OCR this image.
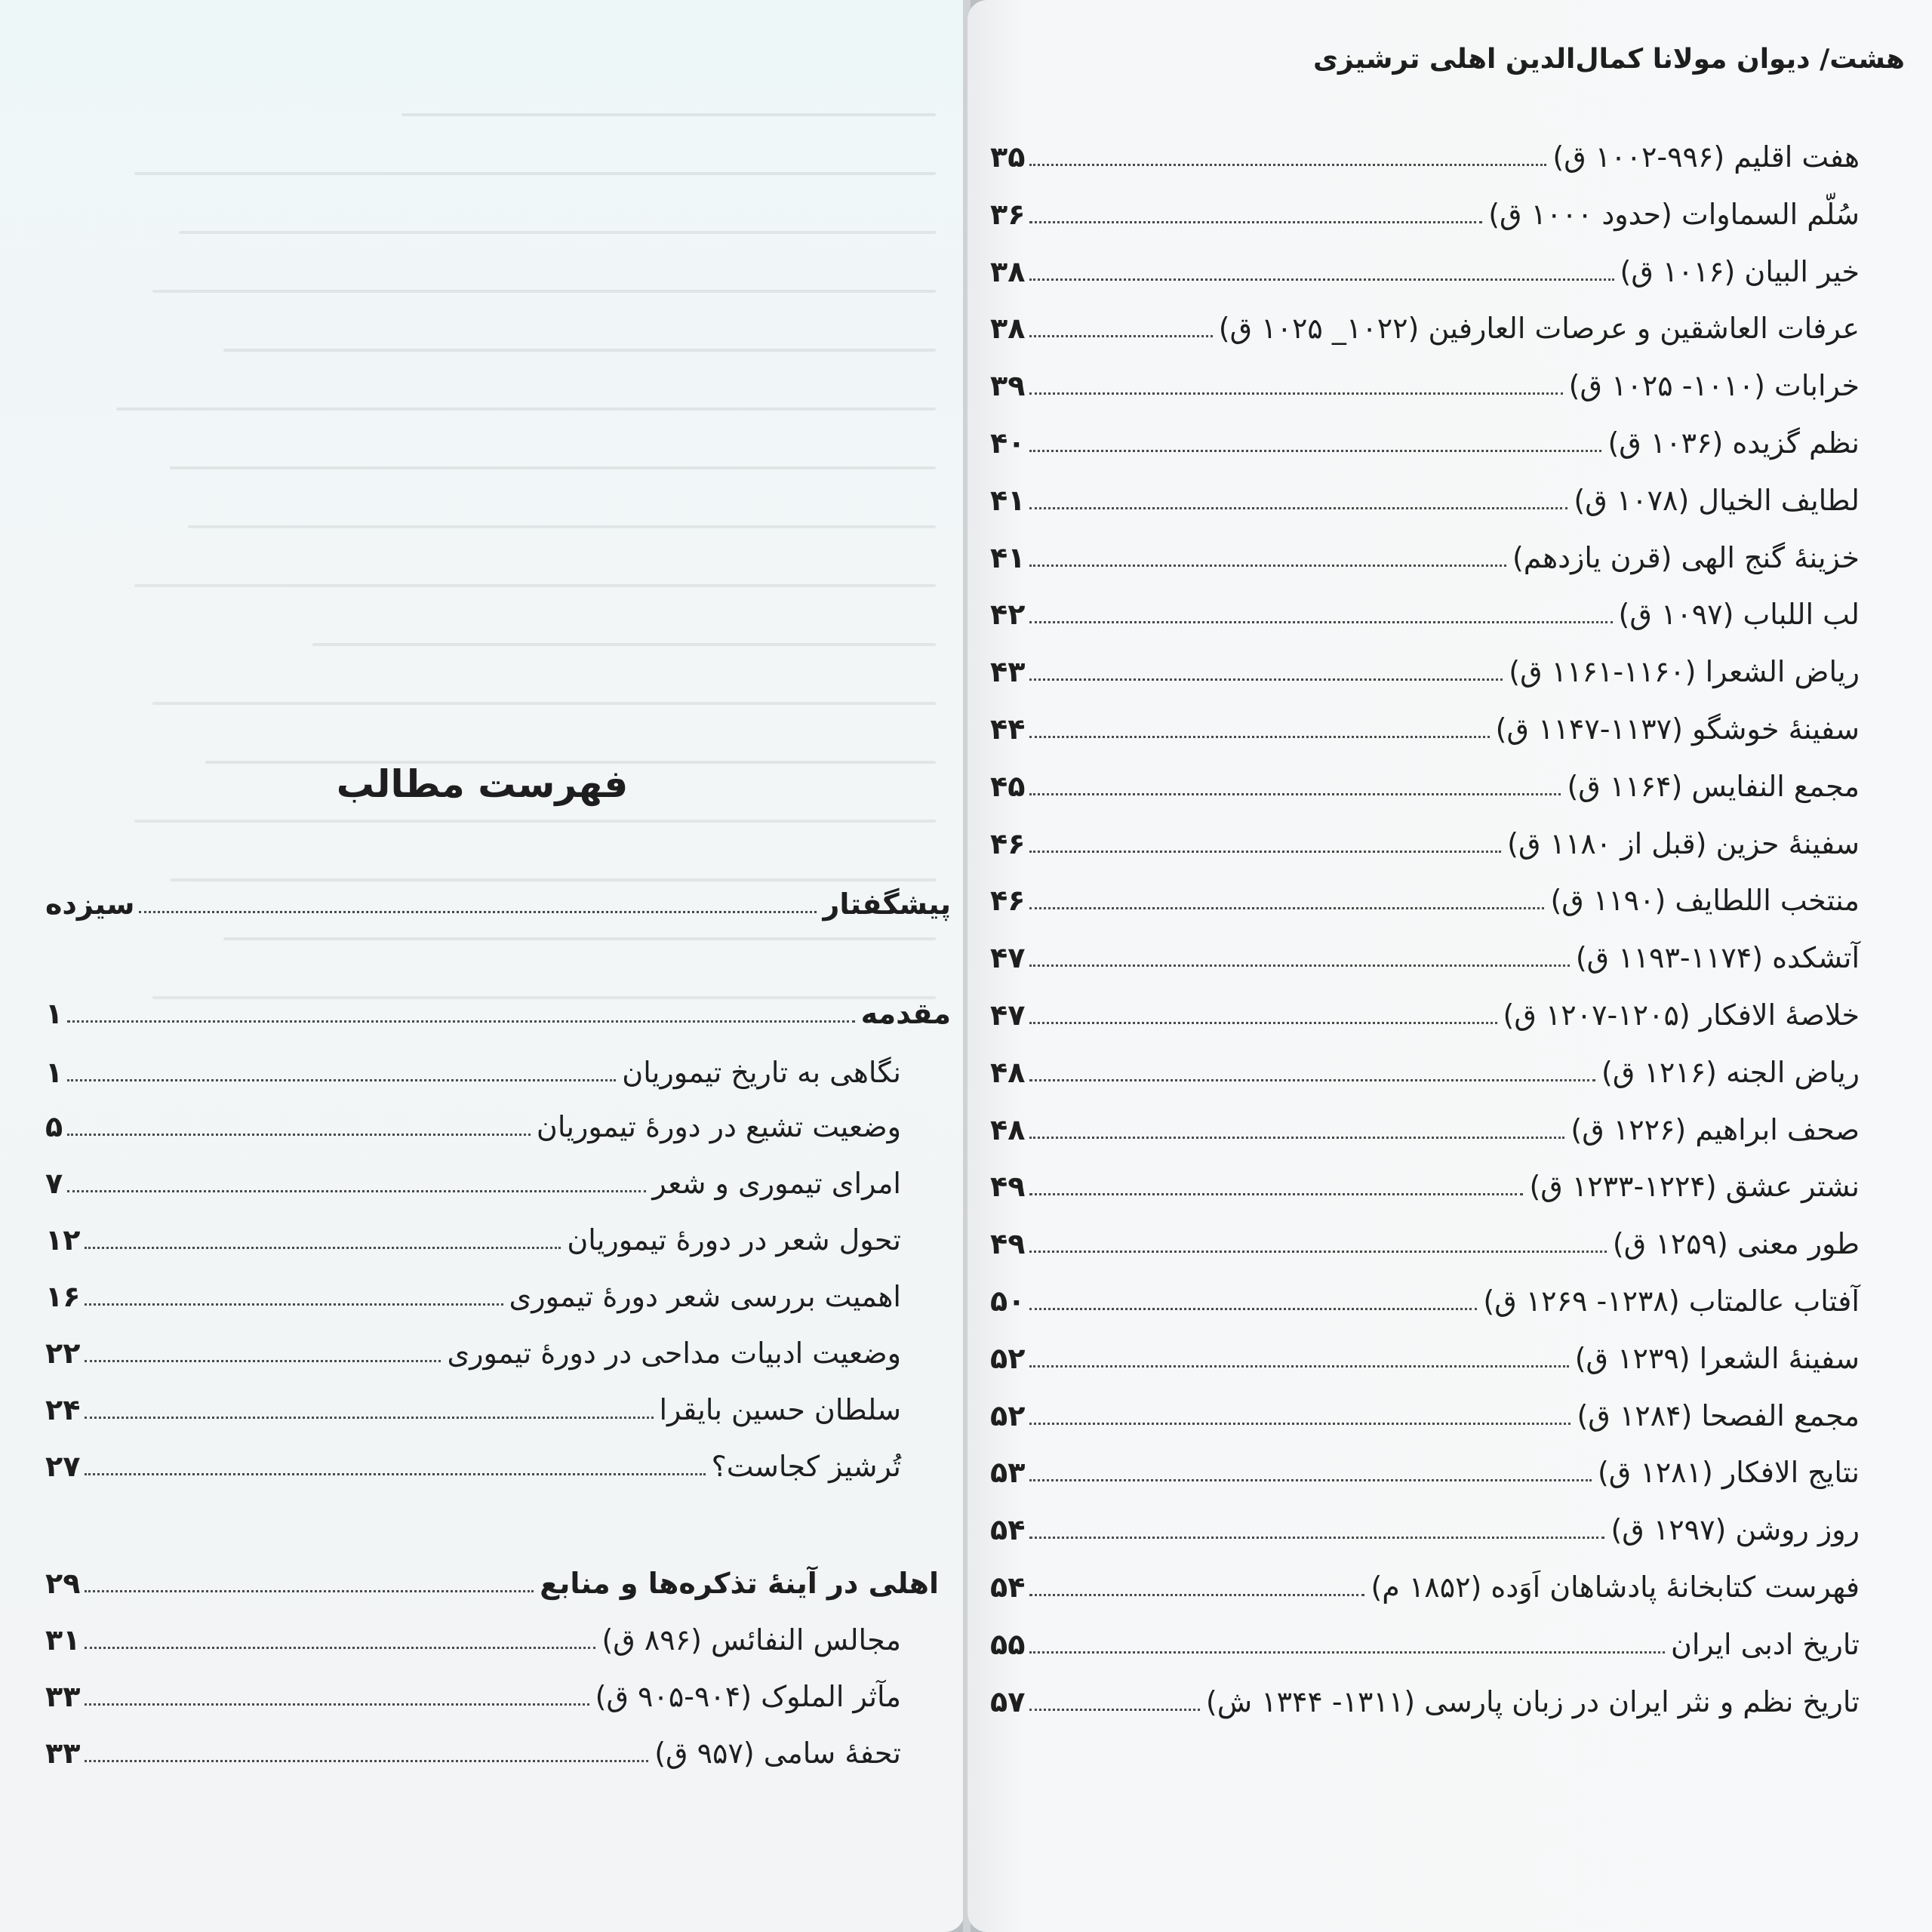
فهرست مطالب
پیشگفتار
سیزده
مقدمه
۱
نگاهی به تاریخ تیموریان
۱
وضعیت تشیع در دورهٔ تیموریان
۵
امرای تیموری و شعر
۷
تحول شعر در دورهٔ تیموریان
۱۲
اهمیت بررسی شعر دورهٔ تیموری
۱۶
وضعیت ادبیات مداحی در دورهٔ تیموری
۲۲
سلطان حسین بایقرا
۲۴
تُرشیز کجاست؟
۲۷
اهلی در آینهٔ تذکره‌ها و منابع
۲۹
مجالس النفائس (۸۹۶ ق)
۳۱
مآثر الملوک (۹۰۴-۹۰۵ ق)
۳۳
تحفهٔ سامی (۹۵۷ ق)
۳۳
هشت/ دیوان مولانا کمال‌الدین اهلی ترشیزی
هفت اقلیم (۹۹۶-۱۰۰۲ ق)
۳۵
سُلّم السماوات (حدود ۱۰۰۰ ق)
۳۶
خیر البیان (۱۰۱۶ ق)
۳۸
عرفات العاشقین و عرصات العارفین (۱۰۲۲_ ۱۰۲۵ ق)
۳۸
خرابات (۱۰۱۰- ۱۰۲۵ ق)
۳۹
نظم گزیده (۱۰۳۶ ق)
۴۰
لطایف الخیال (۱۰۷۸ ق)
۴۱
خزینهٔ گنج الهی (قرن یازدهم)
۴۱
لب اللباب (۱۰۹۷ ق)
۴۲
ریاض الشعرا (۱۱۶۰-۱۱۶۱ ق)
۴۳
سفینهٔ خوشگو (۱۱۳۷-۱۱۴۷ ق)
۴۴
مجمع النفایس (۱۱۶۴ ق)
۴۵
سفینهٔ حزین (قبل از ۱۱۸۰ ق)
۴۶
منتخب اللطایف (۱۱۹۰ ق)
۴۶
آتشکده (۱۱۷۴-۱۱۹۳ ق)
۴۷
خلاصهٔ الافکار (۱۲۰۵-۱۲۰۷ ق)
۴۷
ریاض الجنه (۱۲۱۶ ق)
۴۸
صحف ابراهیم (۱۲۲۶ ق)
۴۸
نشتر عشق (۱۲۲۴-۱۲۳۳ ق)
۴۹
طور معنی (۱۲۵۹ ق)
۴۹
آفتاب عالمتاب (۱۲۳۸- ۱۲۶۹ ق)
۵۰
سفینهٔ الشعرا (۱۲۳۹ ق)
۵۲
مجمع الفصحا (۱۲۸۴ ق)
۵۲
نتایج الافکار (۱۲۸۱ ق)
۵۳
روز روشن (۱۲۹۷ ق)
۵۴
فهرست کتابخانهٔ پادشاهان اَوَده (۱۸۵۲ م)
۵۴
تاریخ ادبی ایران
۵۵
تاریخ نظم و نثر ایران در زبان پارسی (۱۳۱۱- ۱۳۴۴ ش)
۵۷
